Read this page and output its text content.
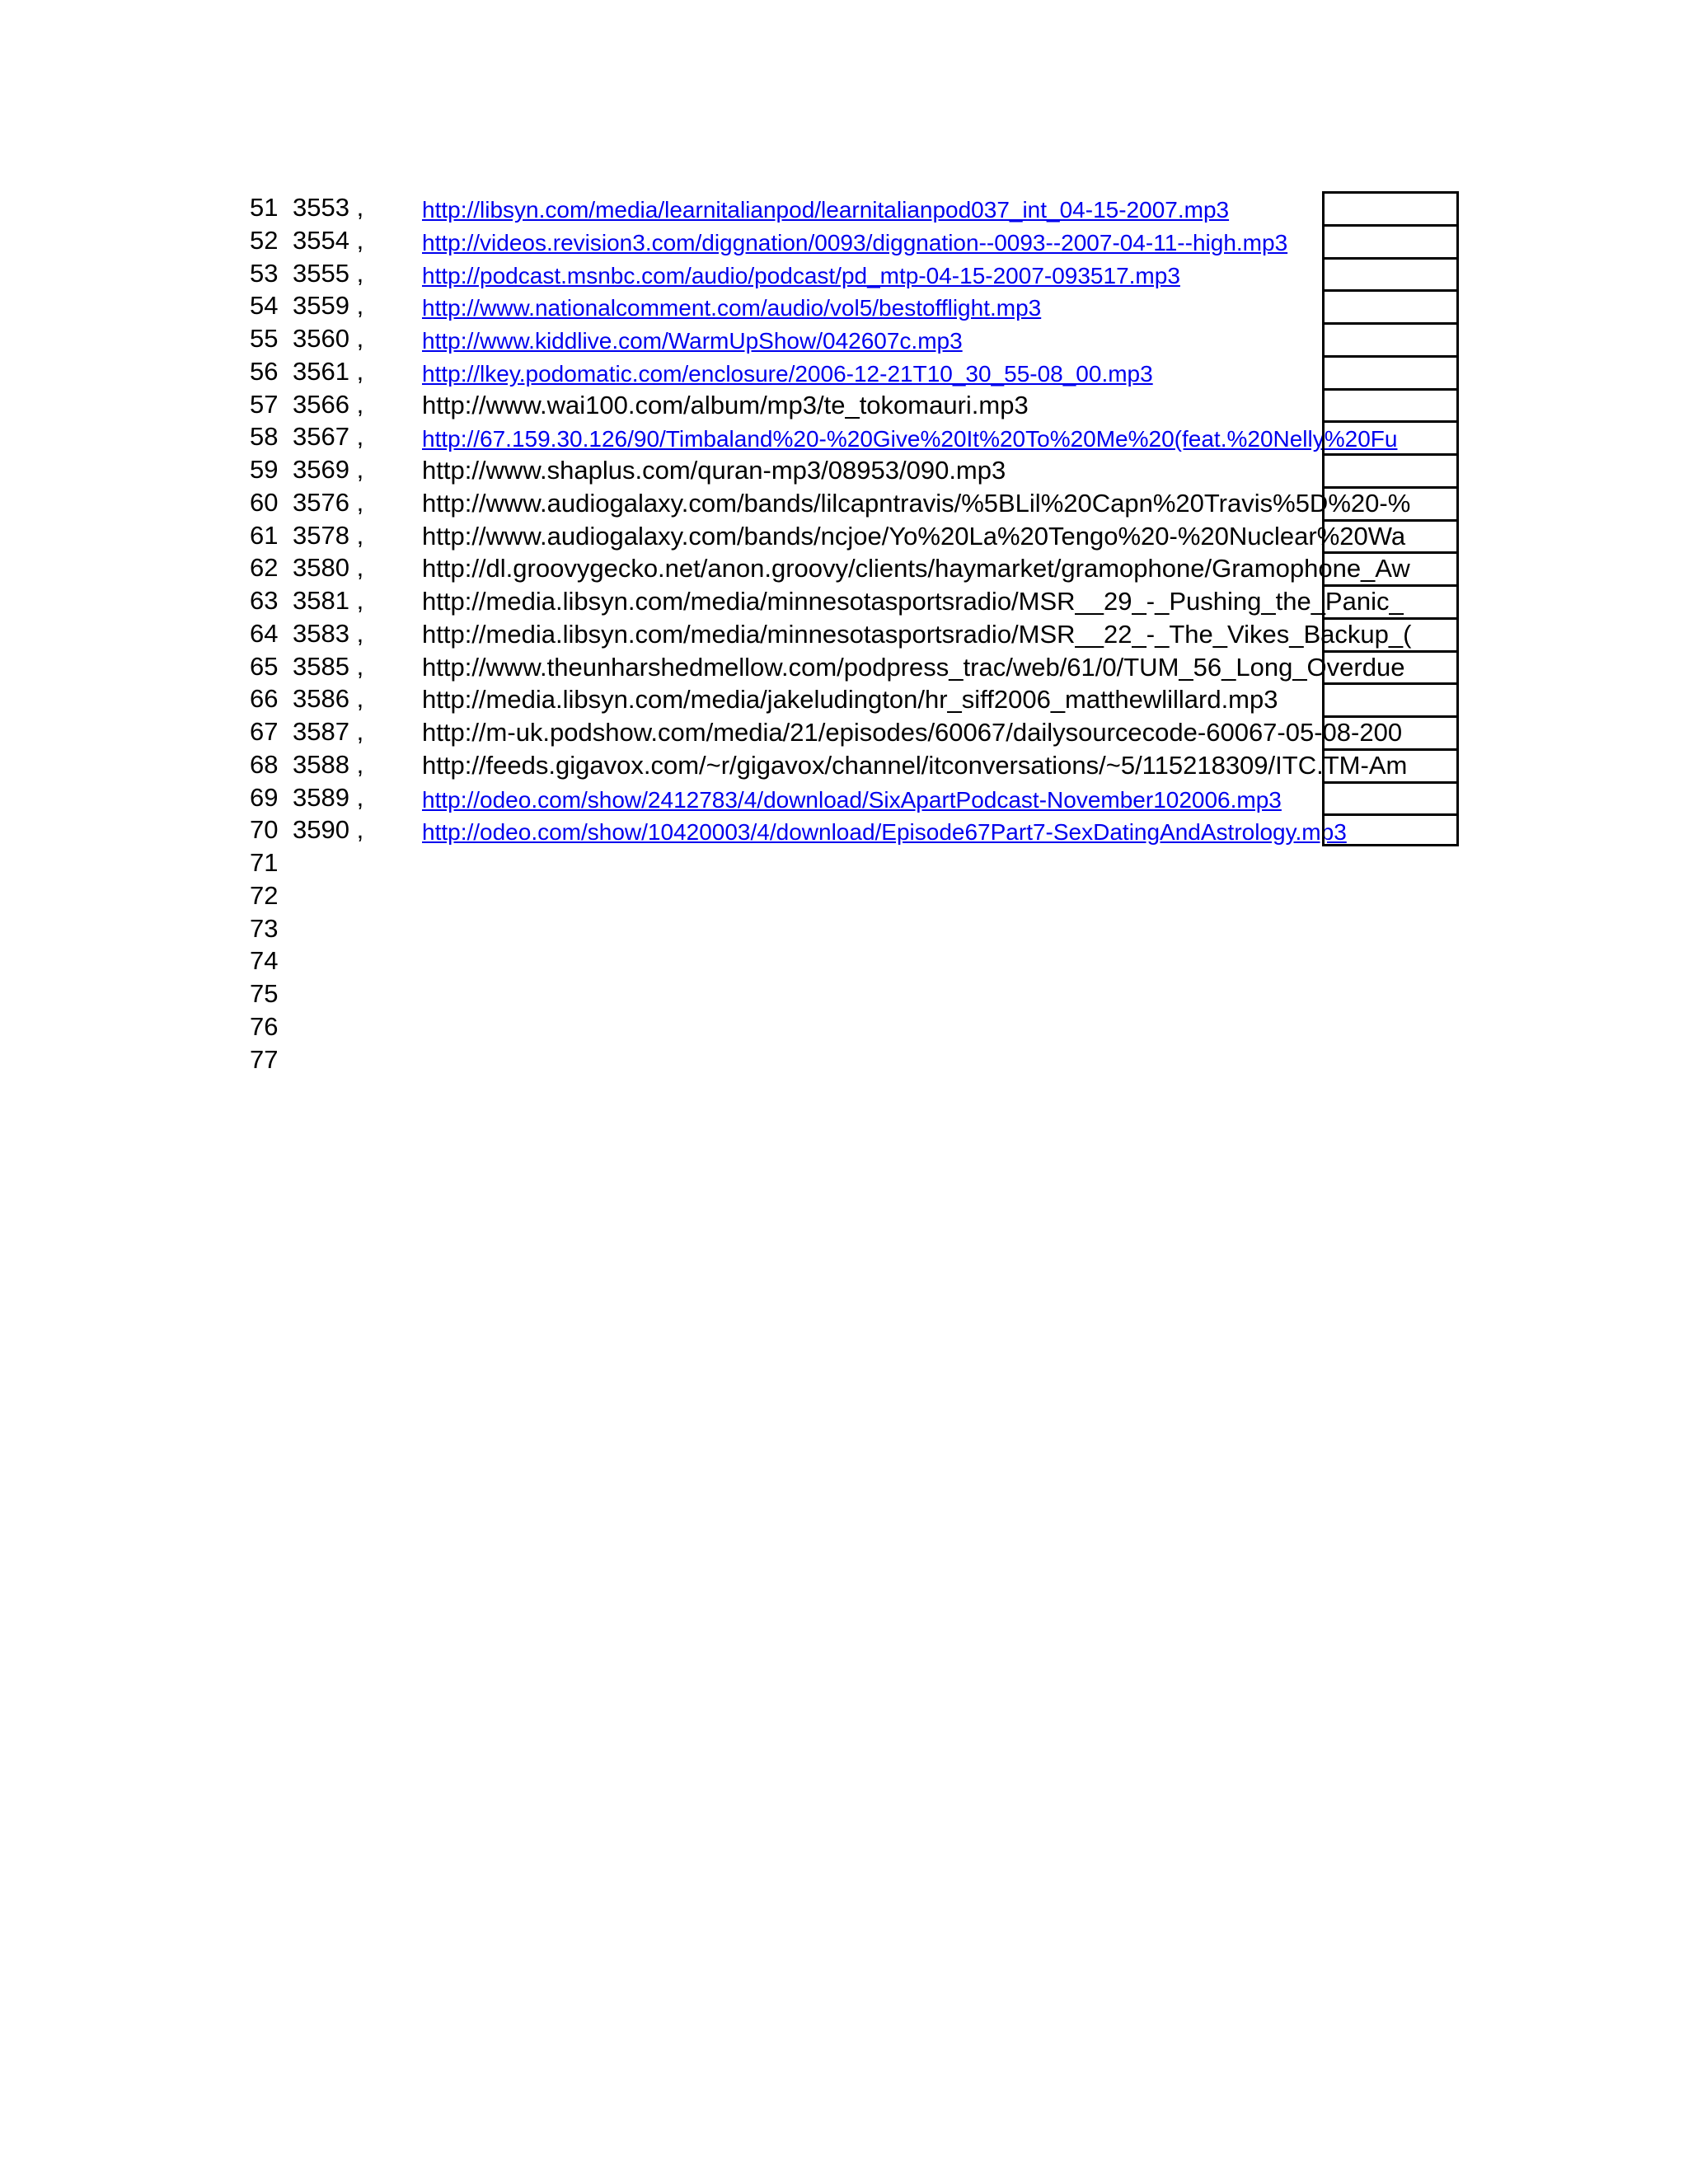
51 3553 ,	http://libsyn.com/media/learnitalianpod/learnitalianpod037_int_04-15-2007.mp3
52 3554 ,	http://videos.revision3.com/diggnation/0093/diggnation--0093--2007-04-11--high.mp3
53 3555 ,	http://podcast.msnbc.com/audio/podcast/pd_mtp-04-15-2007-093517.mp3
54 3559 ,	http://www.nationalcomment.com/audio/vol5/bestofflight.mp3
55 3560 ,	http://www.kiddlive.com/WarmUpShow/042607c.mp3
56 3561 ,	http://lkey.podomatic.com/enclosure/2006-12-21T10_30_55-08_00.mp3
57 3566 , http://www.wai100.com/album/mp3/te_tokomauri.mp3
58 3567 ,	http://67.159.30.126/90/Timbaland%20-%20Give%20It%20To%20Me%20(feat.%20Nelly%20Fu
59 3569 , http://www.shaplus.com/quran-mp3/08953/090.mp3
60 3576 , http://www.audiogalaxy.com/bands/lilcapntravis/%5BLil%20Capn%20Travis%5D%20-%
61 3578 , http://www.audiogalaxy.com/bands/ncjoe/Yo%20La%20Tengo%20-%20Nuclear%20Wa
62 3580 , http://dl.groovygecko.net/anon.groovy/clients/haymarket/gramophone/Gramophone_Aw
63 3581 , http://media.libsyn.com/media/minnesotasportsradio/MSR__29_-_Pushing_the_Panic_
64 3583 , http://media.libsyn.com/media/minnesotasportsradio/MSR__22_-_The_Vikes_Backup_(
65 3585 , http://www.theunharshedmellow.com/podpress_trac/web/61/0/TUM_56_Long_Overdue
66 3586 , http://media.libsyn.com/media/jakeludington/hr_siff2006_matthewlillard.mp3
67 3587 , http://m-uk.podshow.com/media/21/episodes/60067/dailysourcecode-60067-05-08-200
68 3588 , http://feeds.gigavox.com/~r/gigavox/channel/itconversations/~5/115218309/ITC.TM-Am
69 3589 ,	http://odeo.com/show/2412783/4/download/SixApartPodcast-November102006.mp3
70 3590 ,	http://odeo.com/show/10420003/4/download/Episode67Part7-SexDatingAndAstrology.mp3
71
72
73
74
75
76
77
